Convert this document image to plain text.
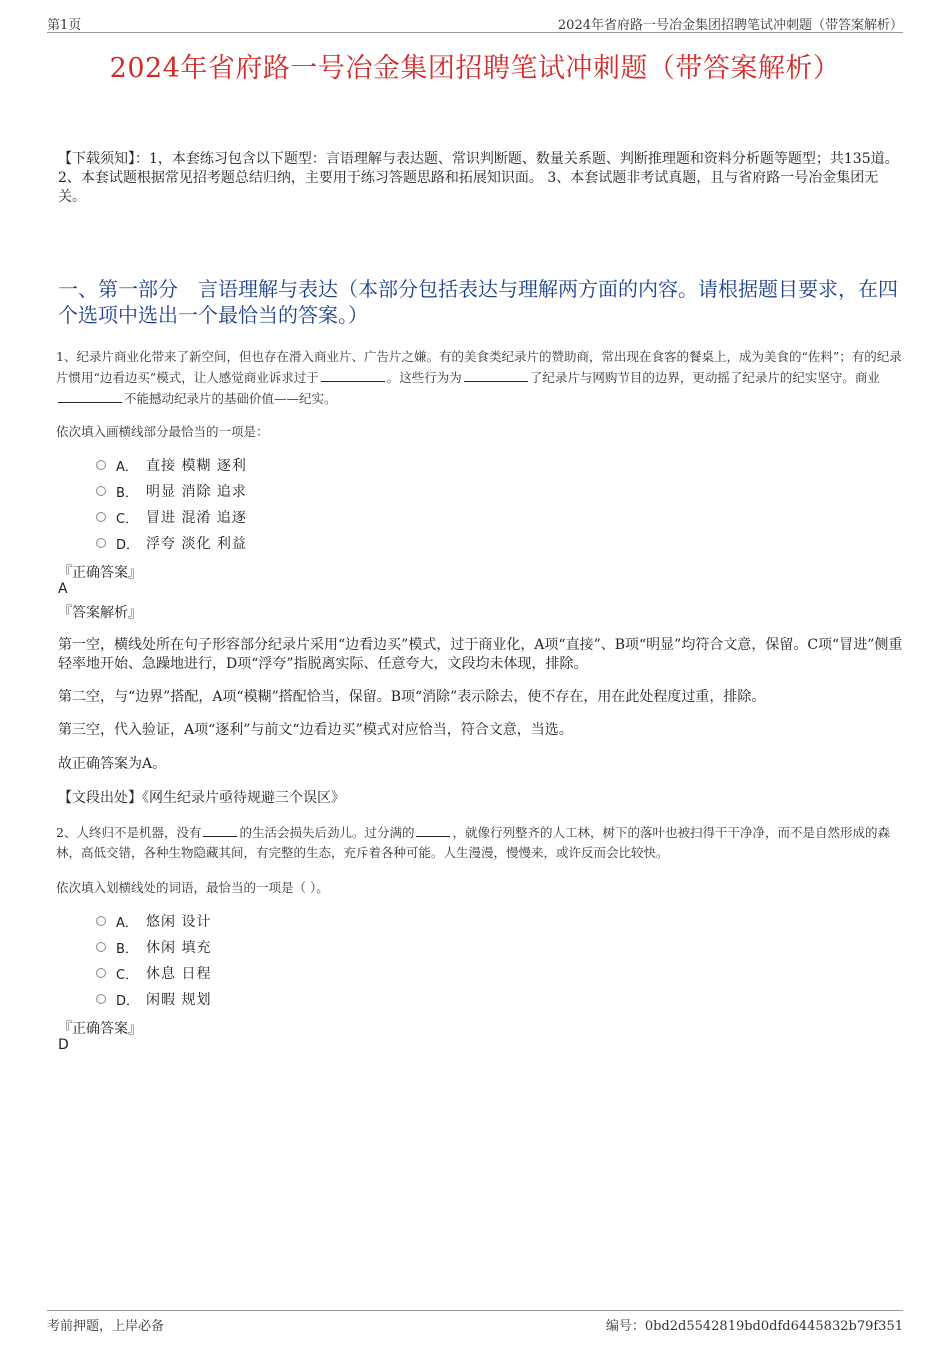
第1页	2024年省府路一号冶金集团招聘笔试冲刺题（带答案解析）
2024年省府路一号冶金集团招聘笔试冲刺题（带答案解析）
【下载须知】：1，本套练习包含以下题型：言语理解与表达题、常识判断题、数量关系题、判断推理题和资料分析题等题型；共135道。 2、本套试题根据常见招考题总结归纳，主要用于练习答题思路和拓展知识面。 3、本套试题非考试真题，且与省府路一号冶金集团无关。
一、第一部分　言语理解与表达（本部分包括表达与理解两方面的内容。请根据题目要求，在四个选项中选出一个最恰当的答案。）
1、纪录片商业化带来了新空间，但也存在滑入商业片、广告片之嫌。有的美食类纪录片的赞助商，常出现在食客的餐桌上，成为美食的“佐料”；有的纪录片惯用“边看边买”模式，让人感觉商业诉求过于	。这些行为为	了纪录片与网购节目的边界，更动摇了纪录片的纪实坚守。商业不能撼动纪录片的基础价值——纪实。
依次填入画横线部分最恰当的一项是：
A． 直接 模糊 逐利
B． 明显 消除 追求
C． 冒进 混淆 追逐
D． 浮夸 淡化 利益
『正确答案』
A
『答案解析』
第一空，横线处所在句子形容部分纪录片采用“边看边买”模式，过于商业化，A项“直接”、B项“明显”均符合文意，保留。C项“冒进”侧重轻率地开始、急躁地进行，D项“浮夸”指脱离实际、任意夸大，文段均未体现，排除。
第二空，与“边界”搭配，A项“模糊”搭配恰当，保留。B项“消除”表示除去，使不存在，用在此处程度过重，排除。
第三空，代入验证，A项“逐利”与前文“边看边买”模式对应恰当，符合文意，当选。
故正确答案为A。
【文段出处】《网生纪录片亟待规避三个误区》
2、人终归不是机器，没有	的生活会损失后劲儿。过分满的	，就像行列整齐的人工林，树下的落叶也被扫得干干净净，而不是自然形成的森林，高低交错，各种生物隐藏其间，有完整的生态，充斥着各种可能。人生漫漫，慢慢来，或许反而会比较快。
依次填入划横线处的词语，最恰当的一项是（ ）。
A． 悠闲 设计
B． 休闲 填充
C． 休息 日程
D． 闲暇 规划
『正确答案』
D
考前押题，上岸必备	编号：0bd2d5542819bd0dfd6445832b79f351
